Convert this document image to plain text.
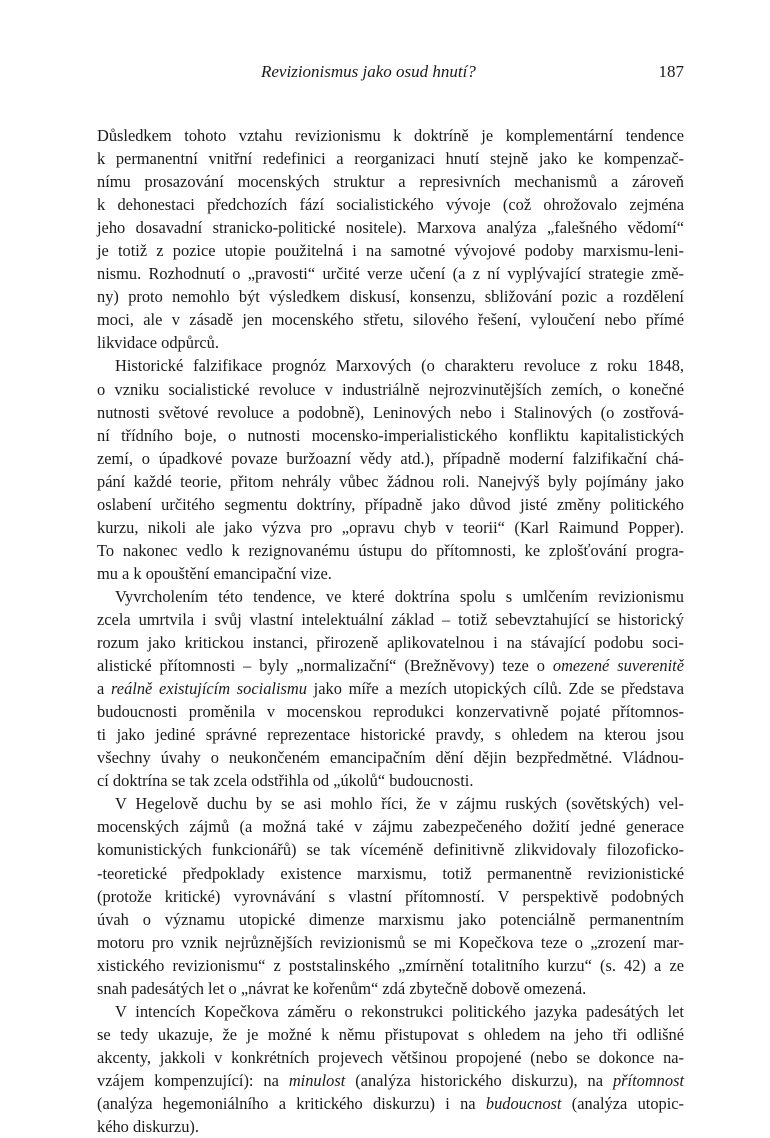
Revizionismus jako osud hnutí?	187

Důsledkem tohoto vztahu revizionismu k doktríně je komplementární tendence
k permanentní vnitřní redefinici a reorganizaci hnutí stejně jako ke kompenzač-
nímu prosazování mocenských struktur a represivních mechanismů a zároveň
k dehonestaci předchozích fází socialistického vývoje (což ohrožovalo zejména
jeho dosavadní stranicko-politické nositele). Marxova analýza „falešného vědomí“
je totiž z pozice utopie použitelná i na samotné vývojové podoby marxismu-leni-
nismu. Rozhodnutí o „pravosti“ určité verze učení (a z ní vyplývající strategie změ-
ny) proto nemohlo být výsledkem diskusí, konsenzu, sbližování pozic a rozdělení
moci, ale v zásadě jen mocenského střetu, silového řešení, vyloučení nebo přímé
likvidace odpůrců.

Historické falzifikace prognóz Marxových (o charakteru revoluce z roku 1848,
o vzniku socialistické revoluce v industriálně nejrozvinutějších zemích, o konečné
nutnosti světové revoluce a podobně), Leninových nebo i Stalinových (o zostřová-
ní třídního boje, o nutnosti mocensko-imperialistického konfliktu kapitalistických
zemí, o úpadkové povaze buržoazní vědy atd.), případně moderní falzifikační chá-
pání každé teorie, přitom nehrály vůbec žádnou roli. Nanejvýš byly pojímány jako
oslabení určitého segmentu doktríny, případně jako důvod jisté změny politického
kurzu, nikoli ale jako výzva pro „opravu chyb v teorii“ (Karl Raimund Popper).
To nakonec vedlo k rezignovanému ústupu do přítomnosti, ke zplošťování progra-
mu a k opouštění emancipační vize.

Vyvrcholením této tendence, ve které doktrína spolu s umlčením revizionismu
zcela umrtvila i svůj vlastní intelektuální základ – totiž sebevztahující se historický
rozum jako kritickou instanci, přirozeně aplikovatelnou i na stávající podobu soci-
alistické přítomnosti – byly „normalizační“ (Brežněvovy) teze o omezené suverenitě
a reálně existujícím socialismu jako míře a mezích utopických cílů. Zde se představa
budoucnosti proměnila v mocenskou reprodukci konzervativně pojaté přítomnos-
ti jako jediné správné reprezentace historické pravdy, s ohledem na kterou jsou
všechny úvahy o neukončeném emancipačním dění dějin bezpředmětné. Vládnou-
cí doktrína se tak zcela odstřihla od „úkolů“ budoucnosti.

V Hegelově duchu by se asi mohlo říci, že v zájmu ruských (sovětských) vel-
mocenských zájmů (a možná také v zájmu zabezpečeného dožití jedné generace
komunistických funkcionářů) se tak víceméně definitivně zlikvidovaly filozoficko-
-teoretické předpoklady existence marxismu, totiž permanentně revizionistické
(protože kritické) vyrovnávání s vlastní přítomností. V perspektivě podobných
úvah o významu utopické dimenze marxismu jako potenciálně permanentním
motoru pro vznik nejrůznějších revizionismů se mi Kopečkova teze o „zrození mar-
xistického revizionismu“ z poststalinského „zmírnění totalitního kurzu“ (s. 42) a ze
snah padesátých let o „návrat ke kořenům“ zdá zbytečně dobově omezená.

V intencích Kopečkova záměru o rekonstrukci politického jazyka padesátých let
se tedy ukazuje, že je možné k němu přistupovat s ohledem na jeho tři odlišné
akcenty, jakkoli v konkrétních projevech většinou propojené (nebo se dokonce na-
vzájem kompenzující): na minulost (analýza historického diskurzu), na přítomnost
(analýza hegemoniálního a kritického diskurzu) i na budoucnost (analýza utopic-
kého diskurzu).
